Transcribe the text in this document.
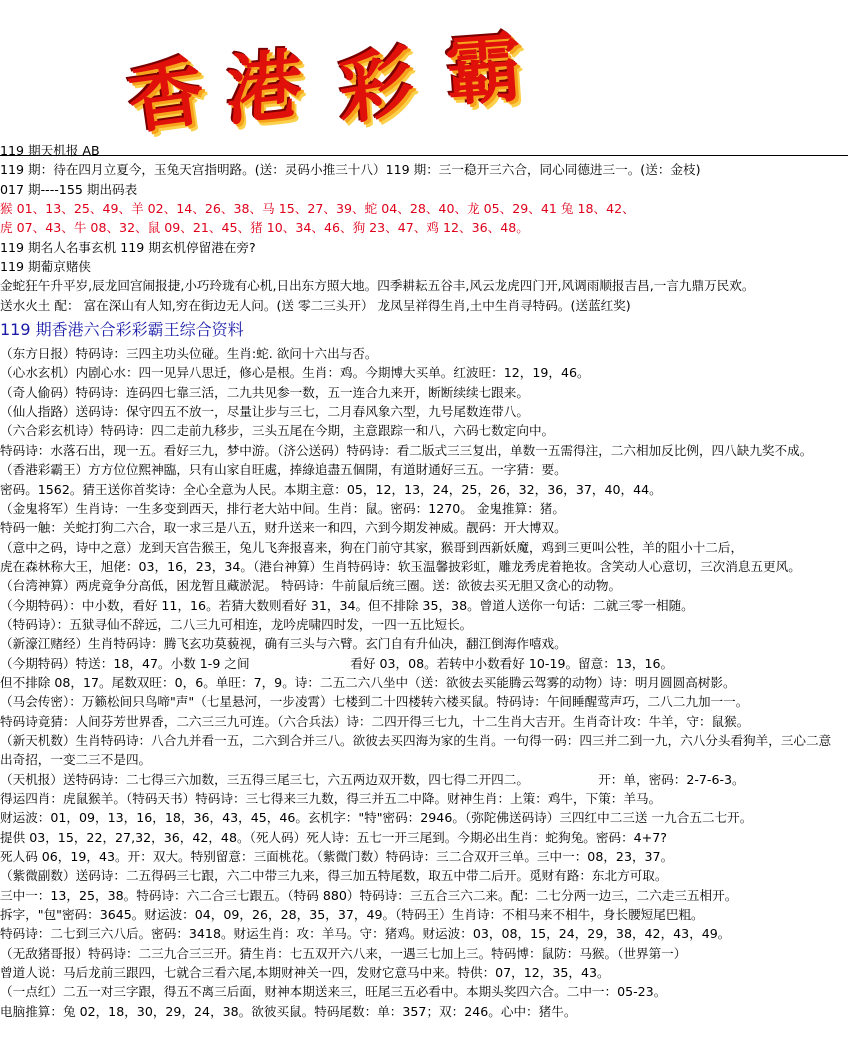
香 港 彩 霸
119 期天机报 AB
119 期：待在四月立夏今，玉兔天宫指明路。(送：灵码小推三十八）119 期：三一稳开三六合，同心同德进三一。(送：金枝)
017 期----155 期出码表
猴 01、13、25、49、羊 02、14、26、38、马 15、27、39、蛇 04、28、40、龙 05、29、41 兔 18、42、
虎 07、43、牛 08、32、鼠 09、21、45、猪 10、34、46、狗 23、47、鸡 12、36、48。
119 期名人名事玄机 119 期玄机停留港在旁?
119 期葡京赌侠
金蛇狂午升平岁,辰龙回宫闹报捷,小巧玲珑有心机,日出东方照大地。四季耕耘五谷丰,风云龙虎四门开,风调雨顺报吉昌,一言九鼎万民欢。
送水火土 配： 富在深山有人知,穷在街边无人问。(送 零二三头开） 龙凤呈祥得生肖,土中生肖寻特码。(送蓝红奖)
119 期香港六合彩彩霸王综合资料
（东方日报）特码诗：三四主功头位碰。生肖:蛇. 欲问十六出与否。
（心水玄机）内剧心水：四一见异八思迁，修心是根。生肖：鸡。今期博大买单。红波旺：12，19，46。
（奇人偷码）特码诗：连码四七靠三活，二九共见参一数，五一连合九来开，断断续续七跟来。
（仙人指路）送码诗：保守四五不放一，尽量让步与三七，二月春风象六型，九号尾数连带八。
（六合彩玄机诗）特码诗：四二走前九移步，三头五尾在今期，主意跟踪一和八，六码七数定向中。
特码诗：水落石出，现一五。看好三九，梦中游。（济公送码）特码诗：看二版式三三复出，单数一五需得注，二六相加反比例，四八缺九奖不成。
（香港彩霸王）方方位位熙神臨，只有山家自旺處，捧綠追盡五個開，有道財通好三五。一字猜：要。
密码。1562。猜王送你首奖诗：全心全意为人民。本期主意：05，12，13，24，25，26，32，36，37，40，44。
（金鬼将军）生肖诗：一生多变到西天，排行老大站中间。生肖：鼠。密码：1270。 金鬼推算：猪。
特码一触：关蛇打狗二六合，取一求三是八五，财升送来一和四，六到今期发神威。靓码：开大博双。
（意中之码，诗中之意）龙到天宫告猴王，兔儿飞奔报喜来，狗在门前守其家，猴哥到西新妖魔，鸡到三更叫公牲，羊的阻小十二后，
虎在森林称大王，旭佬：03，16，23，34。（港台神算）生肖特码诗：软玉温馨披彩虹，雕龙秀虎着艳妆。含笑动人心意切，三次消息五更风。
（台湾神算）两虎竟争分高低，困龙暂且藏淤泥。 特码诗：牛前鼠后统三圈。送：欲彼去买无胆又贪心的动物。
（今期特码）：中小数，看好 11，16。若猜大数则看好 31，34。但不排除 35，38。曾道人送你一句话：二就三零一相随。
（特码诗）：五狱寻仙不辞远，二八三九可相连，龙吟虎啸四时发，一四一五比短长。
（新濠江赌经）生肖特码诗：腾飞玄功莫藐视，确有三头与六臂。玄门自有升仙决，翻江倒海作嘻戏。
（今期特码）特送：18，47。小数 1-9 之间　　　　　　　　看好 03，08。若转中小数看好 10-19。留意：13，16。
但不排除 08，17。尾数双旺：0，6。单旺：7，9。诗：二五二六八坐中（送：欲彼去买能腾云驾雾的动物）诗：明月圆圆高树影。
（马会传密）：万籁松间只鸟啼"声"（七星悬河，一步凌霄）七楼到二十四楼转六楼买鼠。特码诗：午间睡醒莺声巧，二八二九加一一。
特码诗竟猜：人间芬芳世界香，二六三三九可连。（六合兵法）诗：二四开得三七九，十二生肖大吉开。生肖奇计攻：牛羊，守：鼠猴。
（新天机数）生肖特码诗：八合九并看一五，二六到合并三八。欲彼去买四海为家的生肖。一句得一码：四三并二到一九，六八分头看狗羊，三心二意
出奇招，一变二三不是四。
（天机报）送特码诗：二七得三六加数，三五得三尾三七，六五两边双开数，四七得二开四二。　　　　　　开：单，密码：2-7-6-3。
得运四肖：虎鼠猴羊。（特码天书）特码诗：三七得来三九数，得三并五二中降。财神生肖：上策：鸡牛，下策：羊马。
财运波：01，09，13，16，18，36，43，45，46。玄机字："特"密码：2946。（弥陀佛送码诗）三四红中二三送 一九合五二七开。
提供 03，15，22，27,32，36，42，48。（死人码）死人诗：五七一开三尾到。今期必出生肖：蛇狗兔。密码：4+7?
死人码 06，19，43。开：双大。特别留意：三面桃花。（紫微门数）特码诗：三二合双开三单。三中一：08，23，37。
（紫微副数）送码诗：二五得码三七跟，六二中带三九来，得三加五特尾数，取五中带二后开。觅财有路：东北方可取。
三中一：13，25，38。特码诗：六二合三七跟五。（特码 880）特码诗：三五合三六二来。配：二七分两一边三，二六走三五相开。
拆字，"包"密码：3645。财运波：04，09，26，28，35，37，49。（特码王）生肖诗：不相马来不相牛，身长腰短尾巴粗。
特码诗：二七到三六八后。密码：3418。财运生肖：攻：羊马。守：猪鸡。财运波：03，08，15，24，29，38，42，43，49。
（无敌猪哥报）特码诗：二三九合三三开。猜生肖：七五双开六八来，一遇三七加上三。特码博：鼠防：马猴。（世界第一）
曾道人说：马后龙前三跟四，七就合三看六尾,本期财神关一四，发财它意马中来。特供：07，12，35，43。
（一点红）二五一对三字跟，得五不离三后面，财神本期送来三，旺尾三五必看中。本期头奖四六合。二中一：05-23。
电脑推算：兔 02，18，30，29，24，38。欲彼买鼠。特码尾数：单：357；双：246。心中：猪牛。
